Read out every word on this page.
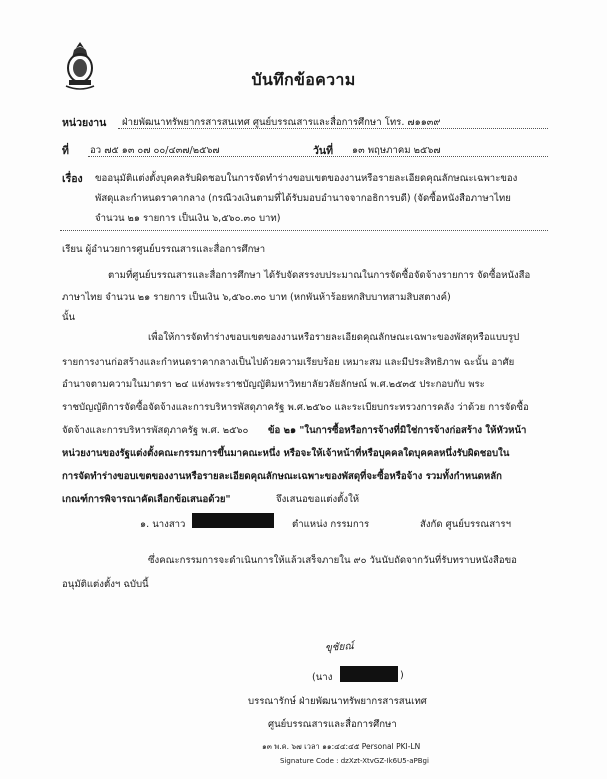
บันทึกข้อความ
หน่วยงาน ฝ่ายพัฒนาทรัพยากรสารสนเทศ ศูนย์บรรณสารและสื่อการศึกษา โทร. ๗๑๑๓๙
ที่ อว ๗๕ ๑๓ ๐๗ ๐๐/๔๓๗/๒๕๖๗	วันที่ ๑๓ พฤษภาคม ๒๕๖๗
เรื่อง ขออนุมัติแต่งตั้งบุคคลรับผิดชอบในการจัดทำร่างขอบเขตของงานหรือรายละเอียดคุณลักษณะเฉพาะของ
พัสดุและกำหนดราคากลาง (กรณีวงเงินตามที่ได้รับมอบอำนาจจากอธิการบดี) (จัดซื้อหนังสือภาษาไทย
จำนวน ๒๑ รายการ เป็นเงิน ๖,๕๖๐.๓๐ บาท)
เรียน ผู้อำนวยการศูนย์บรรณสารและสื่อการศึกษา
ตามที่ศูนย์บรรณสารและสื่อการศึกษา ได้รับจัดสรรงบประมาณในการจัดซื้อจัดจ้างรายการ จัดซื้อหนังสือ
ภาษาไทย จำนวน ๒๑ รายการ เป็นเงิน ๖,๕๖๐.๓๐ บาท (หกพันห้าร้อยหกสิบบาทสามสิบสตางค์)
นั้น
เพื่อให้การจัดทำร่างขอบเขตของงานหรือรายละเอียดคุณลักษณะเฉพาะของพัสดุหรือแบบรูป
รายการงานก่อสร้างและกำหนดราคากลางเป็นไปด้วยความเรียบร้อย เหมาะสม และมีประสิทธิภาพ ฉะนั้น อาศัย
อำนาจตามความในมาตรา ๒๔ แห่งพระราชบัญญัติมหาวิทยาลัยวลัยลักษณ์ พ.ศ.๒๕๓๕ ประกอบกับ พระ
ราชบัญญัติการจัดซื้อจัดจ้างและการบริหารพัสดุภาครัฐ พ.ศ.๒๕๖๐ และระเบียบกระทรวงการคลัง ว่าด้วย การจัดซื้อ
จัดจ้างและการบริหารพัสดุภาครัฐ พ.ศ. ๒๕๖๐ ข้อ ๒๑ "ในการซื้อหรือการจ้างที่มิใช่การจ้างก่อสร้าง ให้หัวหน้า
หน่วยงานของรัฐแต่งตั้งคณะกรรมการขึ้นมาคณะหนึ่ง หรือจะให้เจ้าหน้าที่หรือบุคคลใดบุคคลหนึ่งรับผิดชอบใน
การจัดทำร่างขอบเขตของงานหรือรายละเอียดคุณลักษณะเฉพาะของพัสดุที่จะซื้อหรือจ้าง รวมทั้งกำหนดหลัก
เกณฑ์การพิจารณาคัดเลือกข้อเสนอด้วย"	จึงเสนอขอแต่งตั้งให้
๑. นางสาว	ตำแหน่ง กรรมการ	สังกัด ศูนย์บรรณสารฯ
ซึ่งคณะกรรมการจะดำเนินการให้แล้วเสร็จภายใน ๙๐ วันนับถัดจากวันที่รับทราบหนังสือขอ
อนุมัติแต่งตั้งฯ ฉบับนี้
ขุชัยณ์
(นาง	)
บรรณารักษ์ ฝ่ายพัฒนาทรัพยากรสารสนเทศ
ศูนย์บรรณสารและสื่อการศึกษา
๑๓ พ.ค. ๖๗ เวลา ๑๑:๔๔:๔๕ Personal PKI-LN
Signature Code : dzXzt-XtvGZ-Ik6U5-aPBgi
